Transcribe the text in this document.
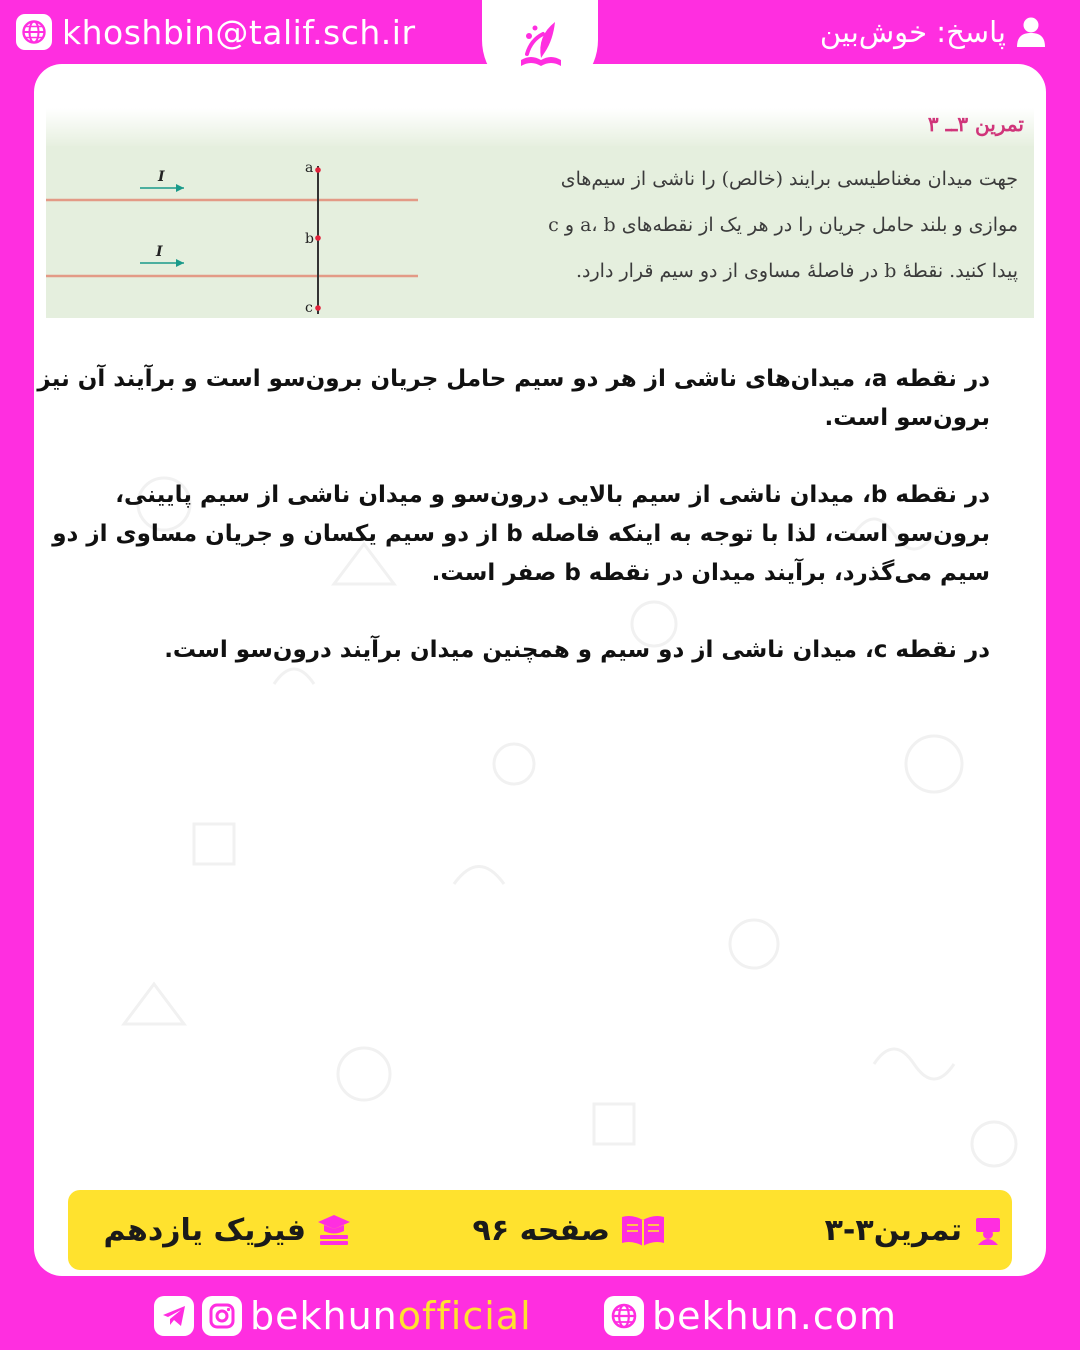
khoshbin@talif.sch.ir	پاسخ: خوش‌بین
تمرین ۳ــ ۳
I
I
a
b
c

جهت میدان مغناطیسی برایند (خالص) را ناشی از سیم‌های

موازی و بلند حامل جریان را در هر یک از نقطه‌های a، b و c

پیدا کنید. نقطهٔ b در فاصلهٔ مساوی از دو سیم قرار دارد.

در نقطه a، میدان‌های ناشی از هر دو سیم حامل جریان برون‌سو است و برآیند آن نیز برون‌سو است.

در نقطه b، میدان ناشی از سیم بالایی درون‌سو و میدان ناشی از سیم پایینی، برون‌سو است، لذا با توجه به اینکه فاصله b از دو سیم یکسان و جریان مساوی از دو سیم می‌گذرد، برآیند میدان در نقطه b صفر است.

در نقطه c، میدان ناشی از دو سیم و همچنین میدان برآیند درون‌سو است.

تمرین۳-۳
صفحه ۹۶
فیزیک یازدهم
bekhunofficial	bekhun.com
